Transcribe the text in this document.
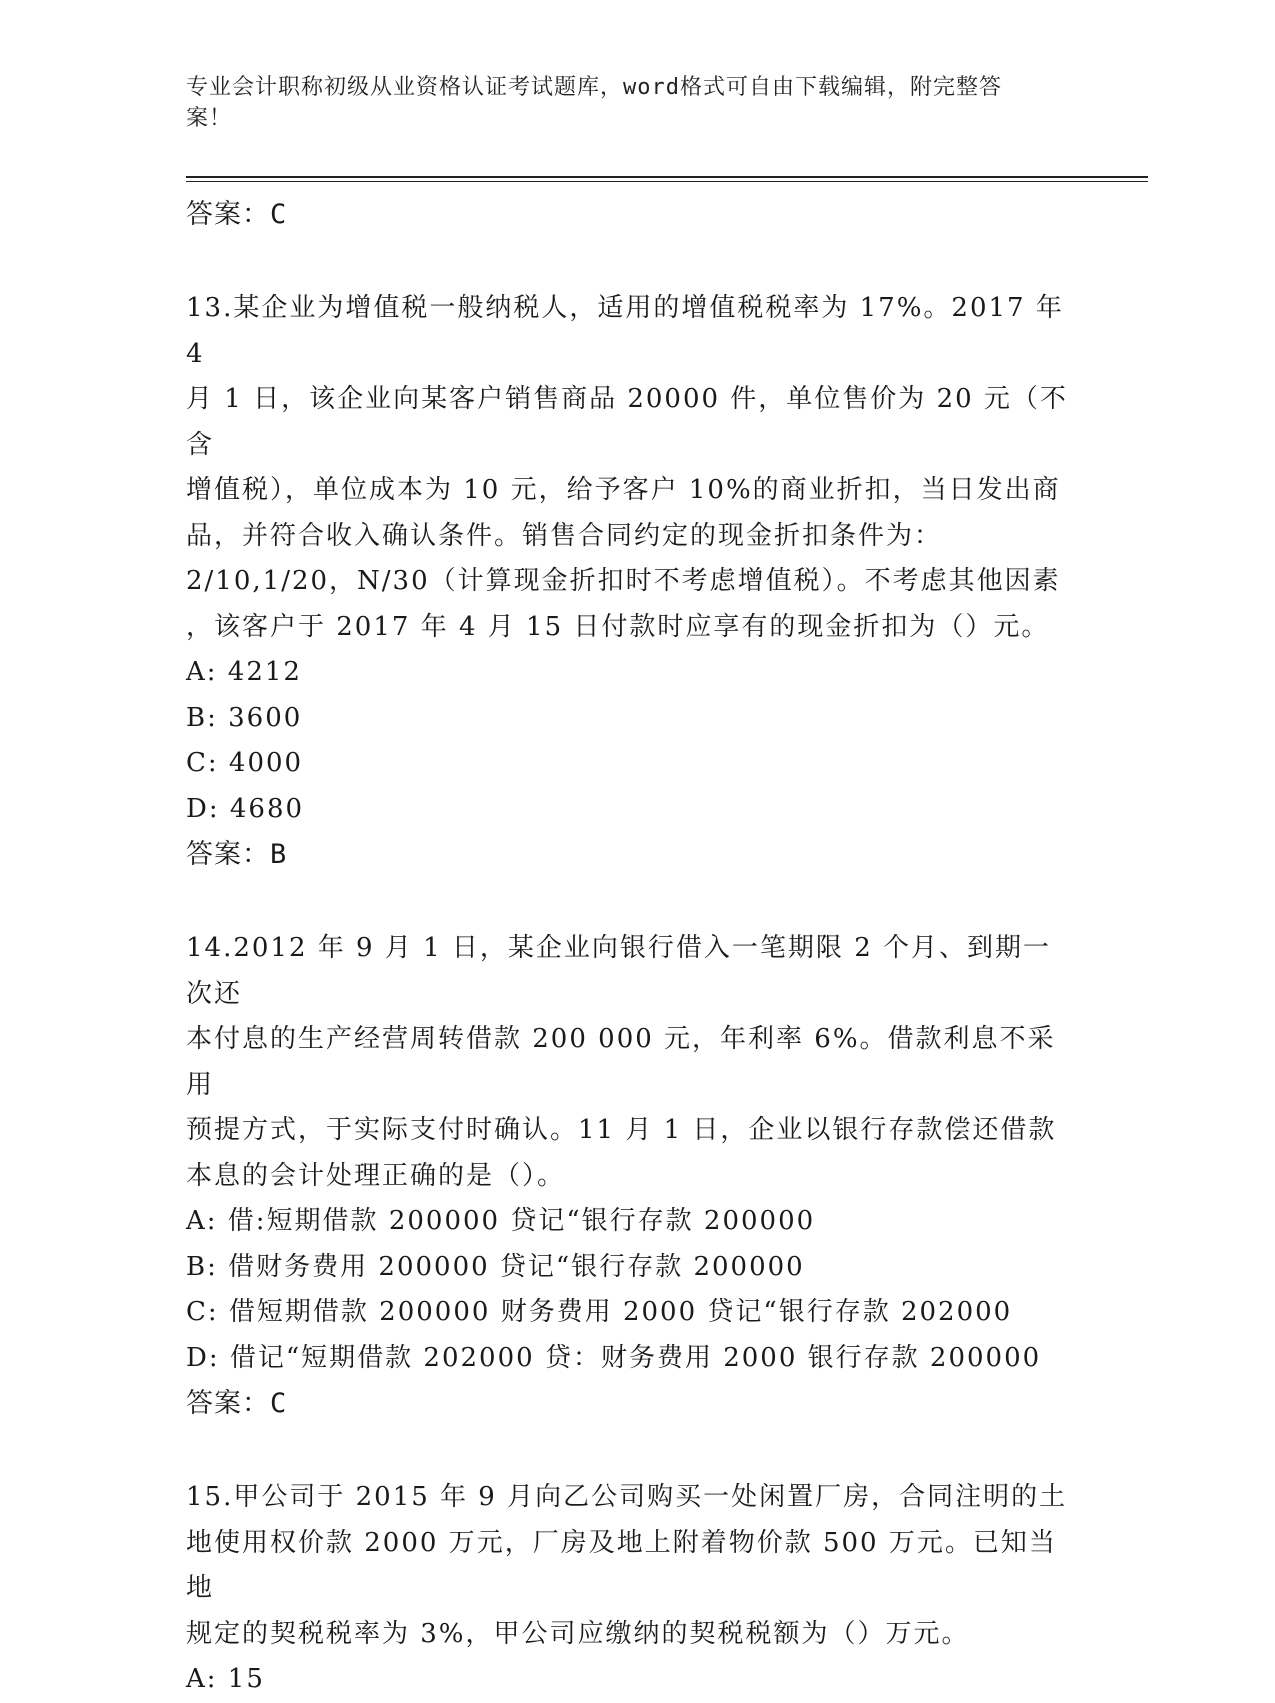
专业会计职称初级从业资格认证考试题库，word格式可自由下载编辑，附完整答
案！

答案：C

13.某企业为增值税一般纳税人，适用的增值税税率为 17%。2017 年 4

月 1 日，该企业向某客户销售商品 20000 件，单位售价为 20 元（不含

增值税），单位成本为 10 元，给予客户 10%的商业折扣，当日发出商

品，并符合收入确认条件。销售合同约定的现金折扣条件为：

2/10,1/20，N/30（计算现金折扣时不考虑增值税）。不考虑其他因素

，该客户于 2017 年 4 月 15 日付款时应享有的现金折扣为（）元。

A: 4212

B: 3600

C: 4000

D: 4680

答案：B

14.2012 年 9 月 1 日，某企业向银行借入一笔期限 2 个月、到期一次还

本付息的生产经营周转借款 200 000 元，年利率 6%。借款利息不采用

预提方式，于实际支付时确认。11 月 1 日，企业以银行存款偿还借款

本息的会计处理正确的是（）。

A: 借:短期借款 200000 贷记“银行存款 200000

B: 借财务费用 200000 贷记“银行存款 200000

C: 借短期借款 200000 财务费用 2000 贷记“银行存款 202000

D: 借记“短期借款 202000 贷：财务费用 2000 银行存款 200000

答案：C

15.甲公司于 2015 年 9 月向乙公司购买一处闲置厂房，合同注明的土

地使用权价款 2000 万元，厂房及地上附着物价款 500 万元。已知当地

规定的契税税率为 3%，甲公司应缴纳的契税税额为（）万元。

A: 15
